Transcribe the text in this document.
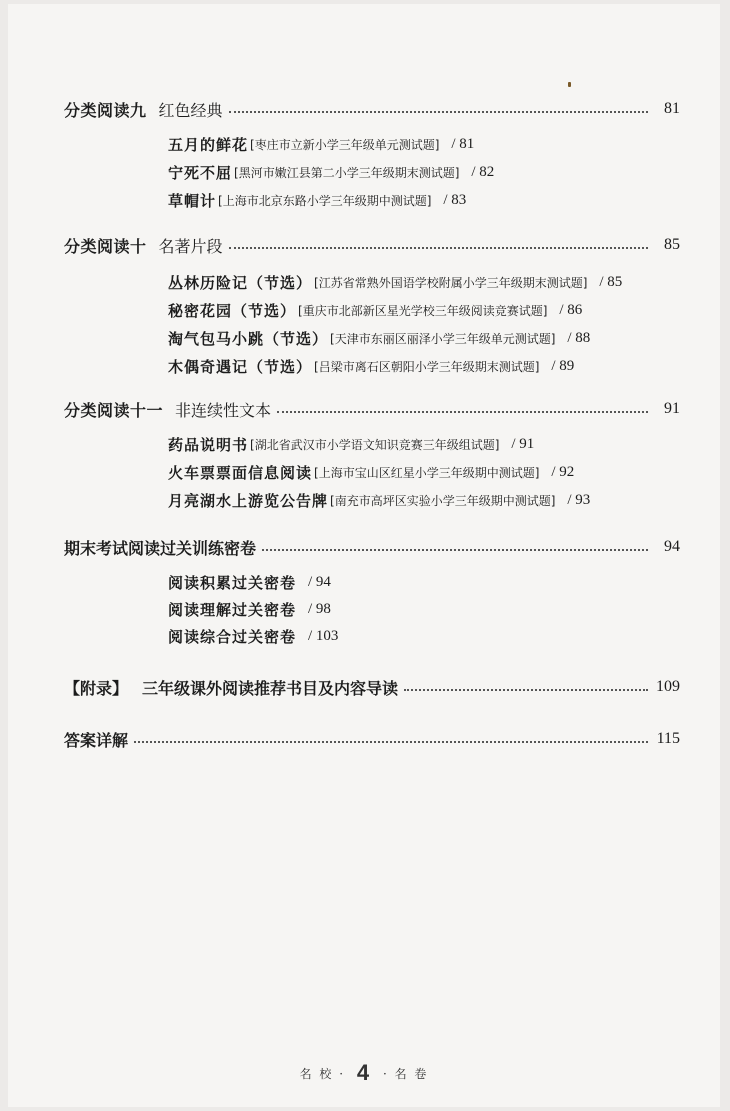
分类阅读九 红色经典	81
五月的鲜花 [枣庄市立新小学三年级单元测试题] / 81
宁死不屈 [黑河市嫩江县第二小学三年级期末测试题] / 82
草帽计 [上海市北京东路小学三年级期中测试题] / 83
分类阅读十 名著片段	85
丛林历险记（节选） [江苏省常熟外国语学校附属小学三年级期末测试题] / 85
秘密花园（节选） [重庆市北部新区星光学校三年级阅读竞赛试题] / 86
淘气包马小跳（节选） [天津市东丽区丽泽小学三年级单元测试题] / 88
木偶奇遇记（节选） [吕梁市离石区朝阳小学三年级期末测试题] / 89
分类阅读十一 非连续性文本	91
药品说明书 [湖北省武汉市小学语文知识竞赛三年级组试题] / 91
火车票票面信息阅读 [上海市宝山区红星小学三年级期中测试题] / 92
月亮湖水上游览公告牌 [南充市高坪区实验小学三年级期中测试题] / 93
期末考试阅读过关训练密卷	94
阅读积累过关密卷 / 94
阅读理解过关密卷 / 98
阅读综合过关密卷 / 103
【附录】 三年级课外阅读推荐书目及内容导读	109
答案详解	115
名 校 · 4 · 名 卷
